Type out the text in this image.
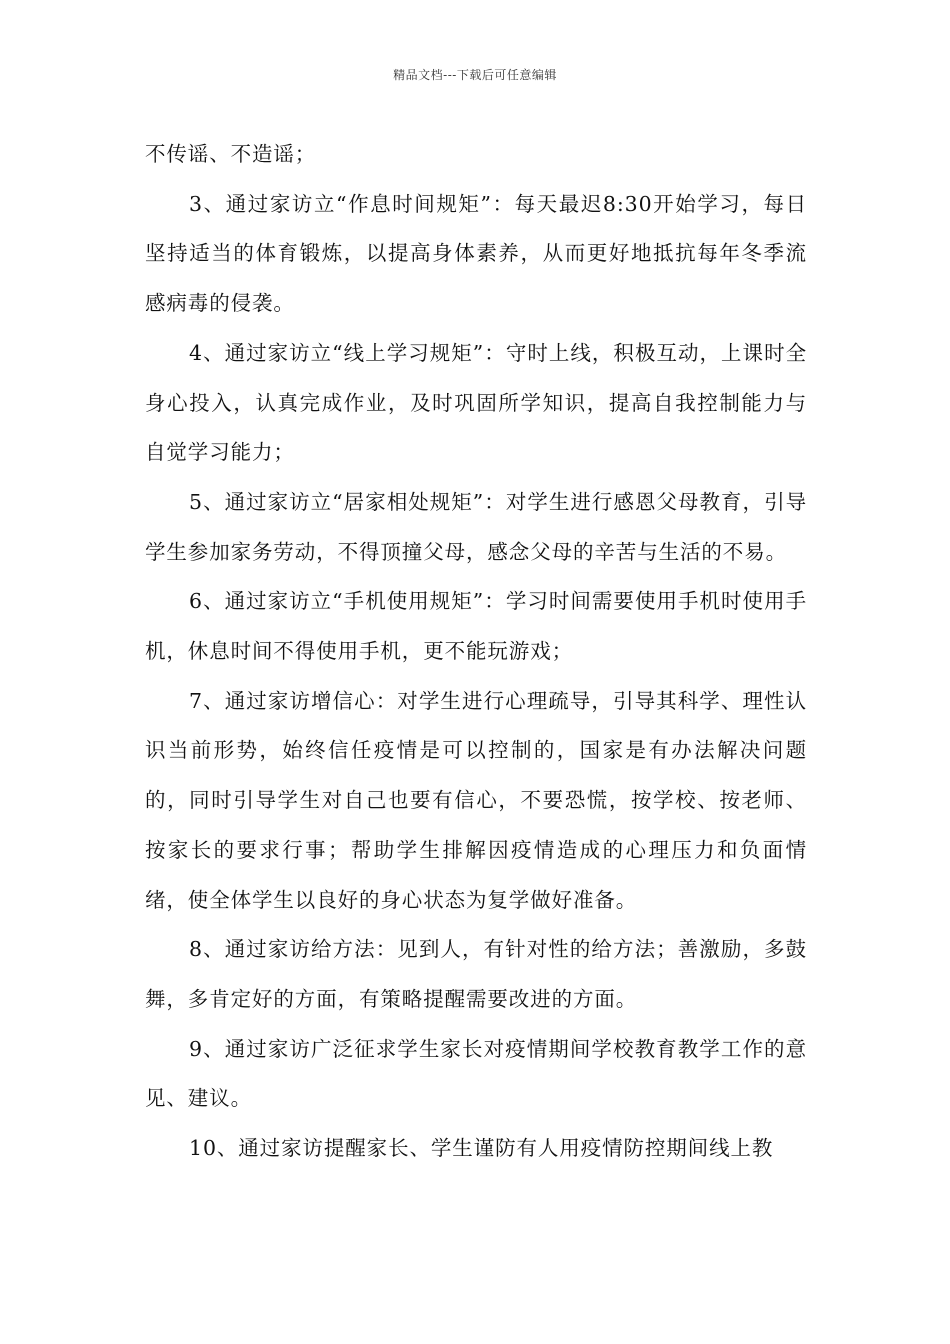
精品文档---下载后可任意编辑

不传谣、不造谣；

3、通过家访立“作息时间规矩”：每天最迟8:30开始学习，每日坚持适当的体育锻炼，以提高身体素养，从而更好地抵抗每年冬季流感病毒的侵袭。

4、通过家访立“线上学习规矩”：守时上线，积极互动，上课时全身心投入，认真完成作业，及时巩固所学知识，提高自我控制能力与自觉学习能力；

5、通过家访立“居家相处规矩”：对学生进行感恩父母教育，引导学生参加家务劳动，不得顶撞父母，感念父母的辛苦与生活的不易。

6、通过家访立“手机使用规矩”：学习时间需要使用手机时使用手机，休息时间不得使用手机，更不能玩游戏；

7、通过家访增信心：对学生进行心理疏导，引导其科学、理性认识当前形势，始终信任疫情是可以控制的，国家是有办法解决问题的，同时引导学生对自己也要有信心，不要恐慌，按学校、按老师、按家长的要求行事；帮助学生排解因疫情造成的心理压力和负面情绪，使全体学生以良好的身心状态为复学做好准备。

8、通过家访给方法：见到人，有针对性的给方法；善激励，多鼓舞，多肯定好的方面，有策略提醒需要改进的方面。

9、通过家访广泛征求学生家长对疫情期间学校教育教学工作的意见、建议。

10、通过家访提醒家长、学生谨防有人用疫情防控期间线上教
